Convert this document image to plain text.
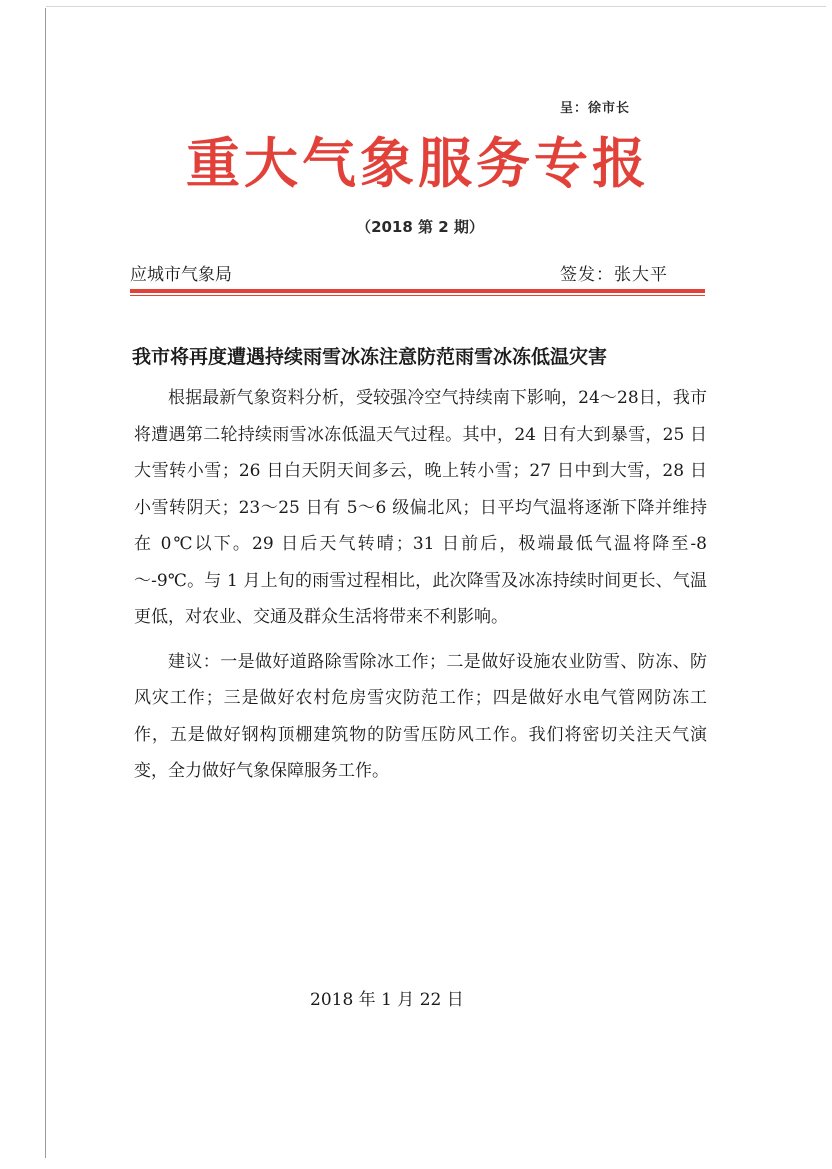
呈：徐市长
重大气象服务专报
（2018 第 2 期）
应城市气象局	签发：张大平
我市将再度遭遇持续雨雪冰冻注意防范雨雪冰冻低温灾害

根据最新气象资料分析，受较强冷空气持续南下影响，24～28日，我市将遭遇第二轮持续雨雪冰冻低温天气过程。其中，24 日有大到暴雪，25 日大雪转小雪；26 日白天阴天间多云，晚上转小雪；27 日中到大雪，28 日小雪转阴天；23～25 日有 5～6 级偏北风；日平均气温将逐渐下降并维持在 0℃以下。29 日后天气转晴；31 日前后，极端最低气温将降至-8～-9℃。与 1 月上旬的雨雪过程相比，此次降雪及冰冻持续时间更长、气温更低，对农业、交通及群众生活将带来不利影响。

建议：一是做好道路除雪除冰工作；二是做好设施农业防雪、防冻、防风灾工作；三是做好农村危房雪灾防范工作；四是做好水电气管网防冻工作，五是做好钢构顶棚建筑物的防雪压防风工作。我们将密切关注天气演变，全力做好气象保障服务工作。

2018 年 1 月 22 日
